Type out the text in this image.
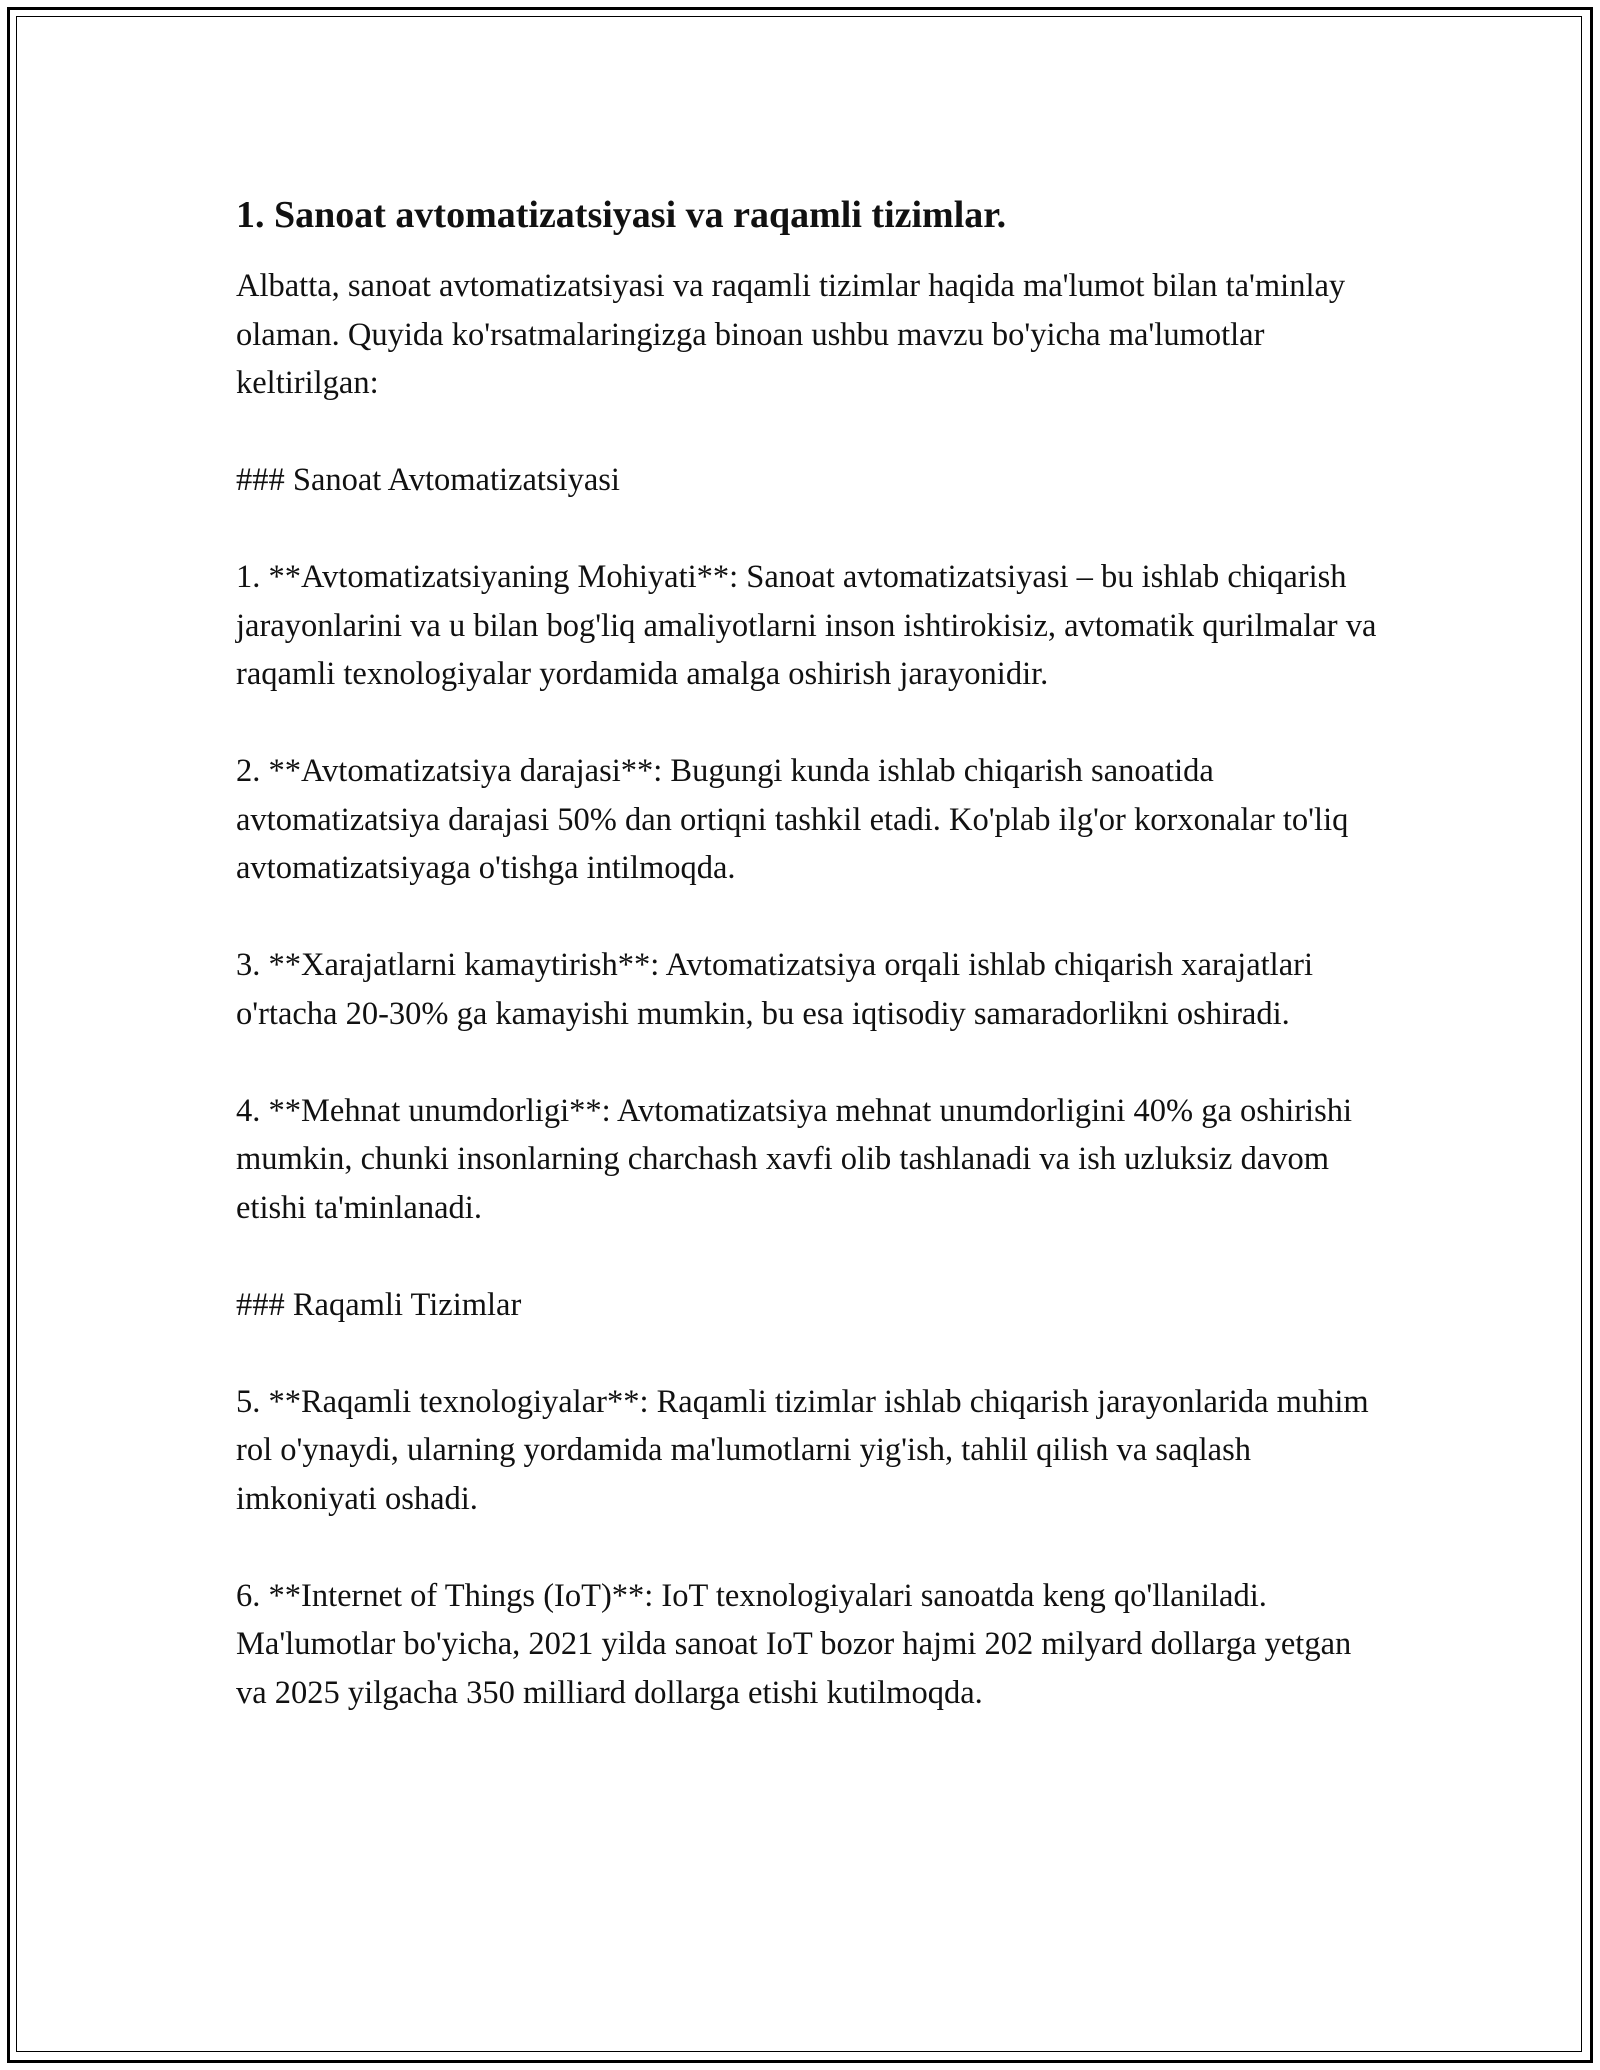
1. Sanoat avtomatizatsiyasi va raqamli tizimlar.
Albatta, sanoat avtomatizatsiyasi va raqamli tizimlar haqida ma'lumot bilan ta'minlay olaman. Quyida ko'rsatmalaringizga binoan ushbu mavzu bo'yicha ma'lumotlar keltirilgan:
### Sanoat Avtomatizatsiyasi
1. **Avtomatizatsiyaning Mohiyati**: Sanoat avtomatizatsiyasi – bu ishlab chiqarish jarayonlarini va u bilan bog'liq amaliyotlarni inson ishtirokisiz, avtomatik qurilmalar va raqamli texnologiyalar yordamida amalga oshirish jarayonidir.
2. **Avtomatizatsiya darajasi**: Bugungi kunda ishlab chiqarish sanoatida avtomatizatsiya darajasi 50% dan ortiqni tashkil etadi. Ko'plab ilg'or korxonalar to'liq avtomatizatsiyaga o'tishga intilmoqda.
3. **Xarajatlarni kamaytirish**: Avtomatizatsiya orqali ishlab chiqarish xarajatlari o'rtacha 20-30% ga kamayishi mumkin, bu esa iqtisodiy samaradorlikni oshiradi.
4. **Mehnat unumdorligi**: Avtomatizatsiya mehnat unumdorligini 40% ga oshirishi mumkin, chunki insonlarning charchash xavfi olib tashlanadi va ish uzluksiz davom etishi ta'minlanadi.
### Raqamli Tizimlar
5. **Raqamli texnologiyalar**: Raqamli tizimlar ishlab chiqarish jarayonlarida muhim rol o'ynaydi, ularning yordamida ma'lumotlarni yig'ish, tahlil qilish va saqlash imkoniyati oshadi.
6. **Internet of Things (IoT)**: IoT texnologiyalari sanoatda keng qo'llaniladi. Ma'lumotlar bo'yicha, 2021 yilda sanoat IoT bozor hajmi 202 milyard dollarga yetgan va 2025 yilgacha 350 milliard dollarga etishi kutilmoqda.
